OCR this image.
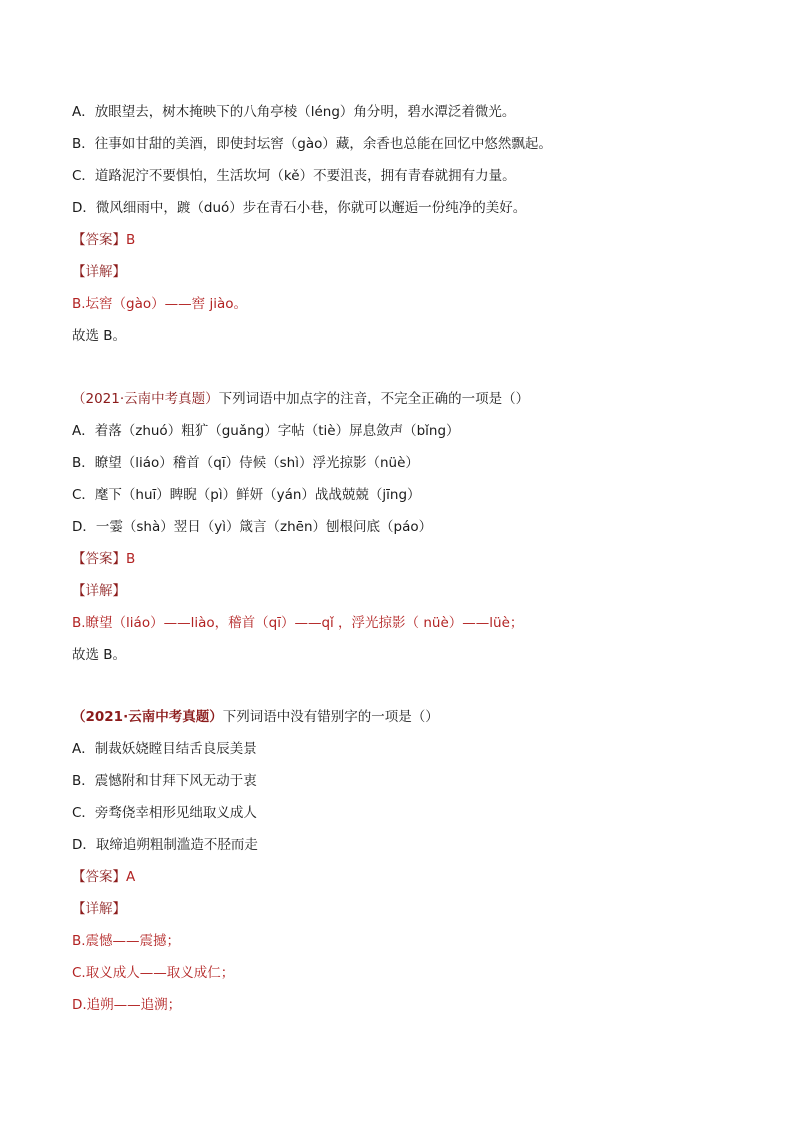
A．放眼望去，树木掩映下的八角亭棱（léng）角分明，碧水潭泛着微光。
B．往事如甘甜的美酒，即使封坛窖（gào）藏，余香也总能在回忆中悠然飘起。
C．道路泥泞不要惧怕，生活坎坷（kě）不要沮丧，拥有青春就拥有力量。
D．微风细雨中，踱（duó）步在青石小巷，你就可以邂逅一份纯净的美好。
【答案】B
【详解】
B.坛窖（gào）——窖 jiào。
故选 B。
（2021·云南中考真题）下列词语中加点字的注音，不完全正确的一项是（）
A．着落（zhuó）粗犷（guǎng）字帖（tiè）屏息敛声（bǐng）
B．瞭望（liáo）稽首（qī）侍候（shì）浮光掠影（nüè）
C．麾下（huī）睥睨（pì）鲜妍（yán）战战兢兢（jīng）
D．一霎（shà）翌日（yì）箴言（zhēn）刨根问底（páo）
【答案】B
【详解】
B.瞭望（liáo）——liào，稽首（qī）——qǐ ，浮光掠影（ nüè）——lüè；
故选 B。
（2021·云南中考真题）下列词语中没有错别字的一项是（）
A．制裁妖娆瞠目结舌良辰美景
B．震憾附和甘拜下风无动于衷
C．旁骛侥幸相形见绌取义成人
D．取缔追朔粗制滥造不胫而走
【答案】A
【详解】
B.震憾——震撼；
C.取义成人——取义成仁；
D.追朔——追溯；
